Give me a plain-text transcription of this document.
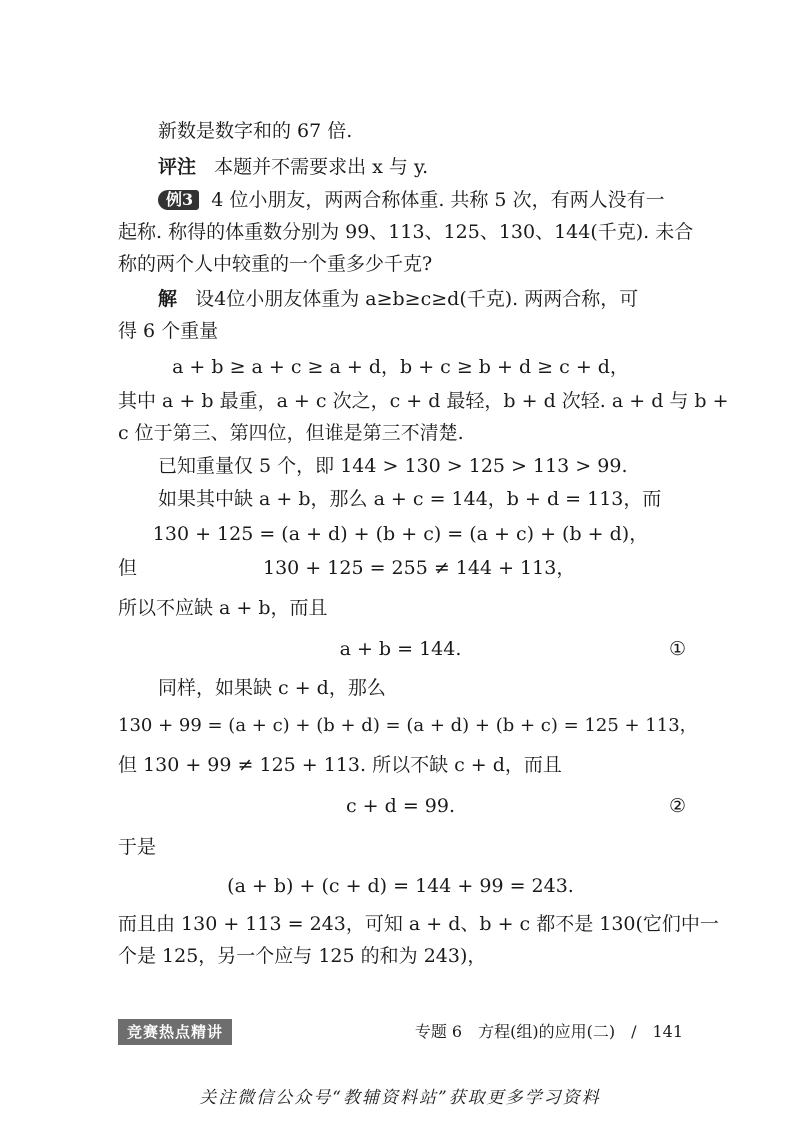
新数是数字和的 67 倍.
评注 本题并不需要求出 x 与 y.
例3 4 位小朋友，两两合称体重. 共称 5 次，有两人没有一
起称. 称得的体重数分别为 99、113、125、130、144(千克). 未合
称的两个人中较重的一个重多少千克?
解 设4位小朋友体重为 a≥b≥c≥d(千克). 两两合称，可
得 6 个重量
a + b ≥ a + c ≥ a + d，b + c ≥ b + d ≥ c + d，
其中 a + b 最重，a + c 次之，c + d 最轻，b + d 次轻. a + d 与 b +
c 位于第三、第四位，但谁是第三不清楚.
已知重量仅 5 个，即 144 > 130 > 125 > 113 > 99.
如果其中缺 a + b，那么 a + c = 144，b + d = 113，而
130 + 125 = (a + d) + (b + c) = (a + c) + (b + d)，
但	130 + 125 = 255 ≠ 144 + 113，
所以不应缺 a + b，而且
a + b = 144.	①
同样，如果缺 c + d，那么
130 + 99 = (a + c) + (b + d) = (a + d) + (b + c) = 125 + 113，
但 130 + 99 ≠ 125 + 113. 所以不缺 c + d，而且
c + d = 99.	②
于是
(a + b) + (c + d) = 144 + 99 = 243.
而且由 130 + 113 = 243，可知 a + d、b + c 都不是 130(它们中一
个是 125，另一个应与 125 的和为 243)，
竞赛热点精讲	专题 6　方程(组)的应用(二)　/　141
关注微信公众号“教辅资料站”获取更多学习资料
